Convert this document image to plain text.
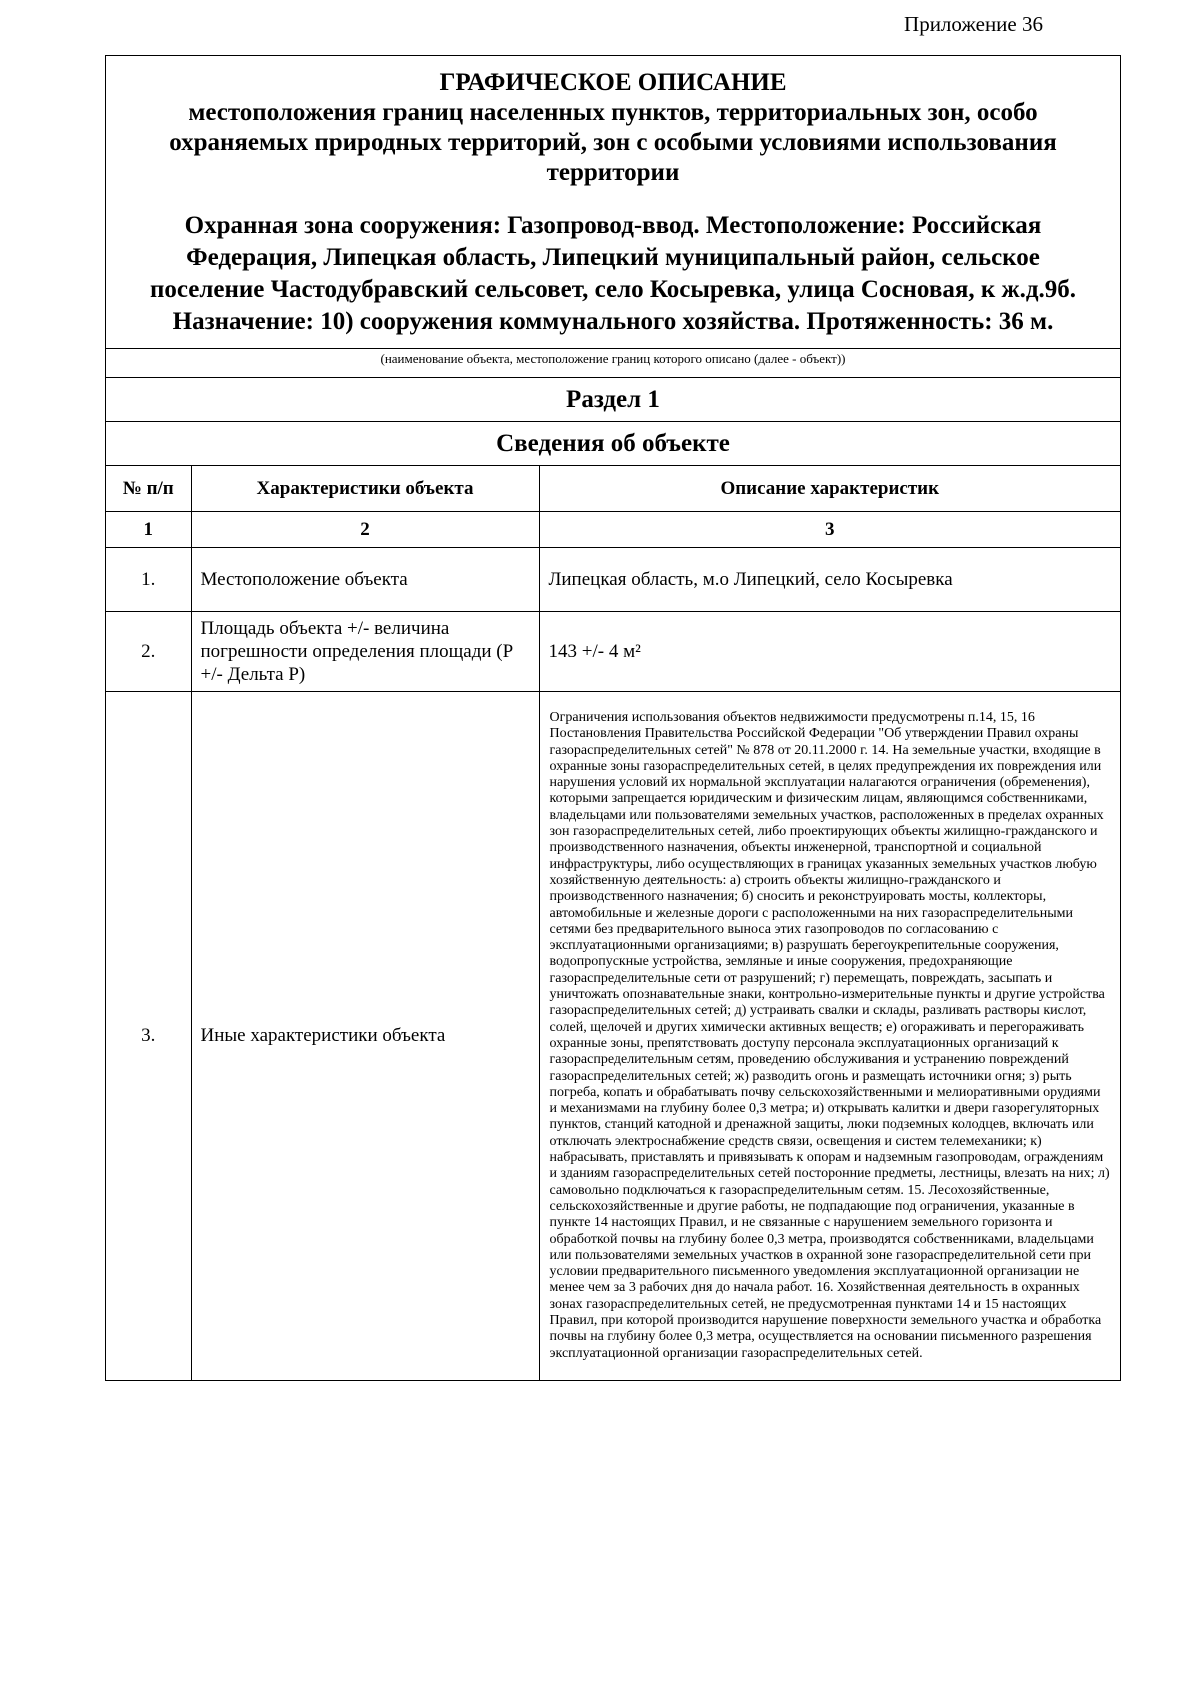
Приложение 36
ГРАФИЧЕСКОЕ ОПИСАНИЕ
местоположения границ населенных пунктов, территориальных зон, особо охраняемых природных территорий, зон с особыми условиями использования территории
Охранная зона сооружения: Газопровод-ввод. Местоположение: Российская Федерация, Липецкая область, Липецкий муниципальный район, сельское поселение Частодубравский сельсовет, село Косыревка, улица Сосновая, к ж.д.9б. Назначение: 10) сооружения коммунального хозяйства. Протяженность: 36 м.
(наименование объекта, местоположение границ которого описано (далее - объект))
Раздел 1
Сведения об объекте
№ п/п	Характеристики объекта	Описание характеристик
1	2	3
1.	Местоположение объекта	Липецкая область, м.о Липецкий, село Косыревка
2.	Площадь объекта +/- величина погрешности определения площади (P +/- Дельта P)	143 +/- 4 м²
3.	Иные характеристики объекта	Ограничения использования объектов недвижимости предусмотрены п.14, 15, 16 Постановления Правительства Российской Федерации "Об утверждении Правил охраны газораспределительных сетей" № 878 от 20.11.2000 г. 14. На земельные участки, входящие в охранные зоны газораспределительных сетей, в целях предупреждения их повреждения или нарушения условий их нормальной эксплуатации налагаются ограничения (обременения), которыми запрещается юридическим и физическим лицам, являющимся собственниками, владельцами или пользователями земельных участков, расположенных в пределах охранных зон газораспределительных сетей, либо проектирующих объекты жилищно-гражданского и производственного назначения, объекты инженерной, транспортной и социальной инфраструктуры, либо осуществляющих в границах указанных земельных участков любую хозяйственную деятельность: а) строить объекты жилищно-гражданского и производственного назначения; б) сносить и реконструировать мосты, коллекторы, автомобильные и железные дороги с расположенными на них газораспределительными сетями без предварительного выноса этих газопроводов по согласованию с эксплуатационными организациями; в) разрушать берегоукрепительные сооружения, водопропускные устройства, земляные и иные сооружения, предохраняющие газораспределительные сети от разрушений; г) перемещать, повреждать, засыпать и уничтожать опознавательные знаки, контрольно-измерительные пункты и другие устройства газораспределительных сетей; д) устраивать свалки и склады, разливать растворы кислот, солей, щелочей и других химически активных веществ; е) огораживать и перегораживать охранные зоны, препятствовать доступу персонала эксплуатационных организаций к газораспределительным сетям, проведению обслуживания и устранению повреждений газораспределительных сетей; ж) разводить огонь и размещать источники огня; з) рыть погреба, копать и обрабатывать почву сельскохозяйственными и мелиоративными орудиями и механизмами на глубину более 0,3 метра; и) открывать калитки и двери газорегуляторных пунктов, станций катодной и дренажной защиты, люки подземных колодцев, включать или отключать электроснабжение средств связи, освещения и систем телемеханики; к) набрасывать, приставлять и привязывать к опорам и надземным газопроводам, ограждениям и зданиям газораспределительных сетей посторонние предметы, лестницы, влезать на них; л) самовольно подключаться к газораспределительным сетям. 15. Лесохозяйственные, сельскохозяйственные и другие работы, не подпадающие под ограничения, указанные в пункте 14 настоящих Правил, и не связанные с нарушением земельного горизонта и обработкой почвы на глубину более 0,3 метра, производятся собственниками, владельцами или пользователями земельных участков в охранной зоне газораспределительной сети при условии предварительного письменного уведомления эксплуатационной организации не менее чем за 3 рабочих дня до начала работ. 16. Хозяйственная деятельность в охранных зонах газораспределительных сетей, не предусмотренная пунктами 14 и 15 настоящих Правил, при которой производится нарушение поверхности земельного участка и обработка почвы на глубину более 0,3 метра, осуществляется на основании письменного разрешения эксплуатационной организации газораспределительных сетей.
